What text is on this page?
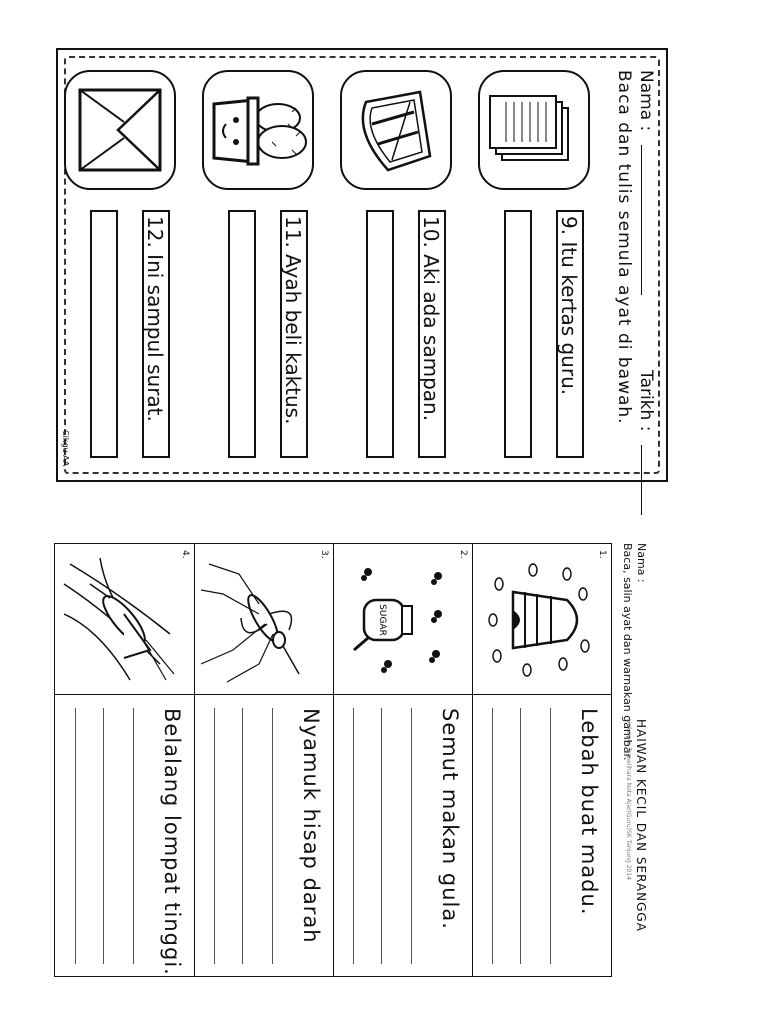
Nama :
Tarikh :
Baca dan tulis semula ayat di bawah.
9. Itu kertas guru.
10. Aki ada sampan.
11. Ayah beli kaktus.
12. Ini sampul surat.
Cikgu AA
Nama :
Baca, salin ayat dan warnakan gambar.
HAIWAN KECIL DAN SERANGGA
Hakcipta Terpelihara Nota Ajar(Guru)SK Tanjung 2014
1.
Lebah buat madu.
2.
SUGAR
Semut makan gula.
3.
Nyamuk hisap darah
4.
Belalang lompat tinggi.
